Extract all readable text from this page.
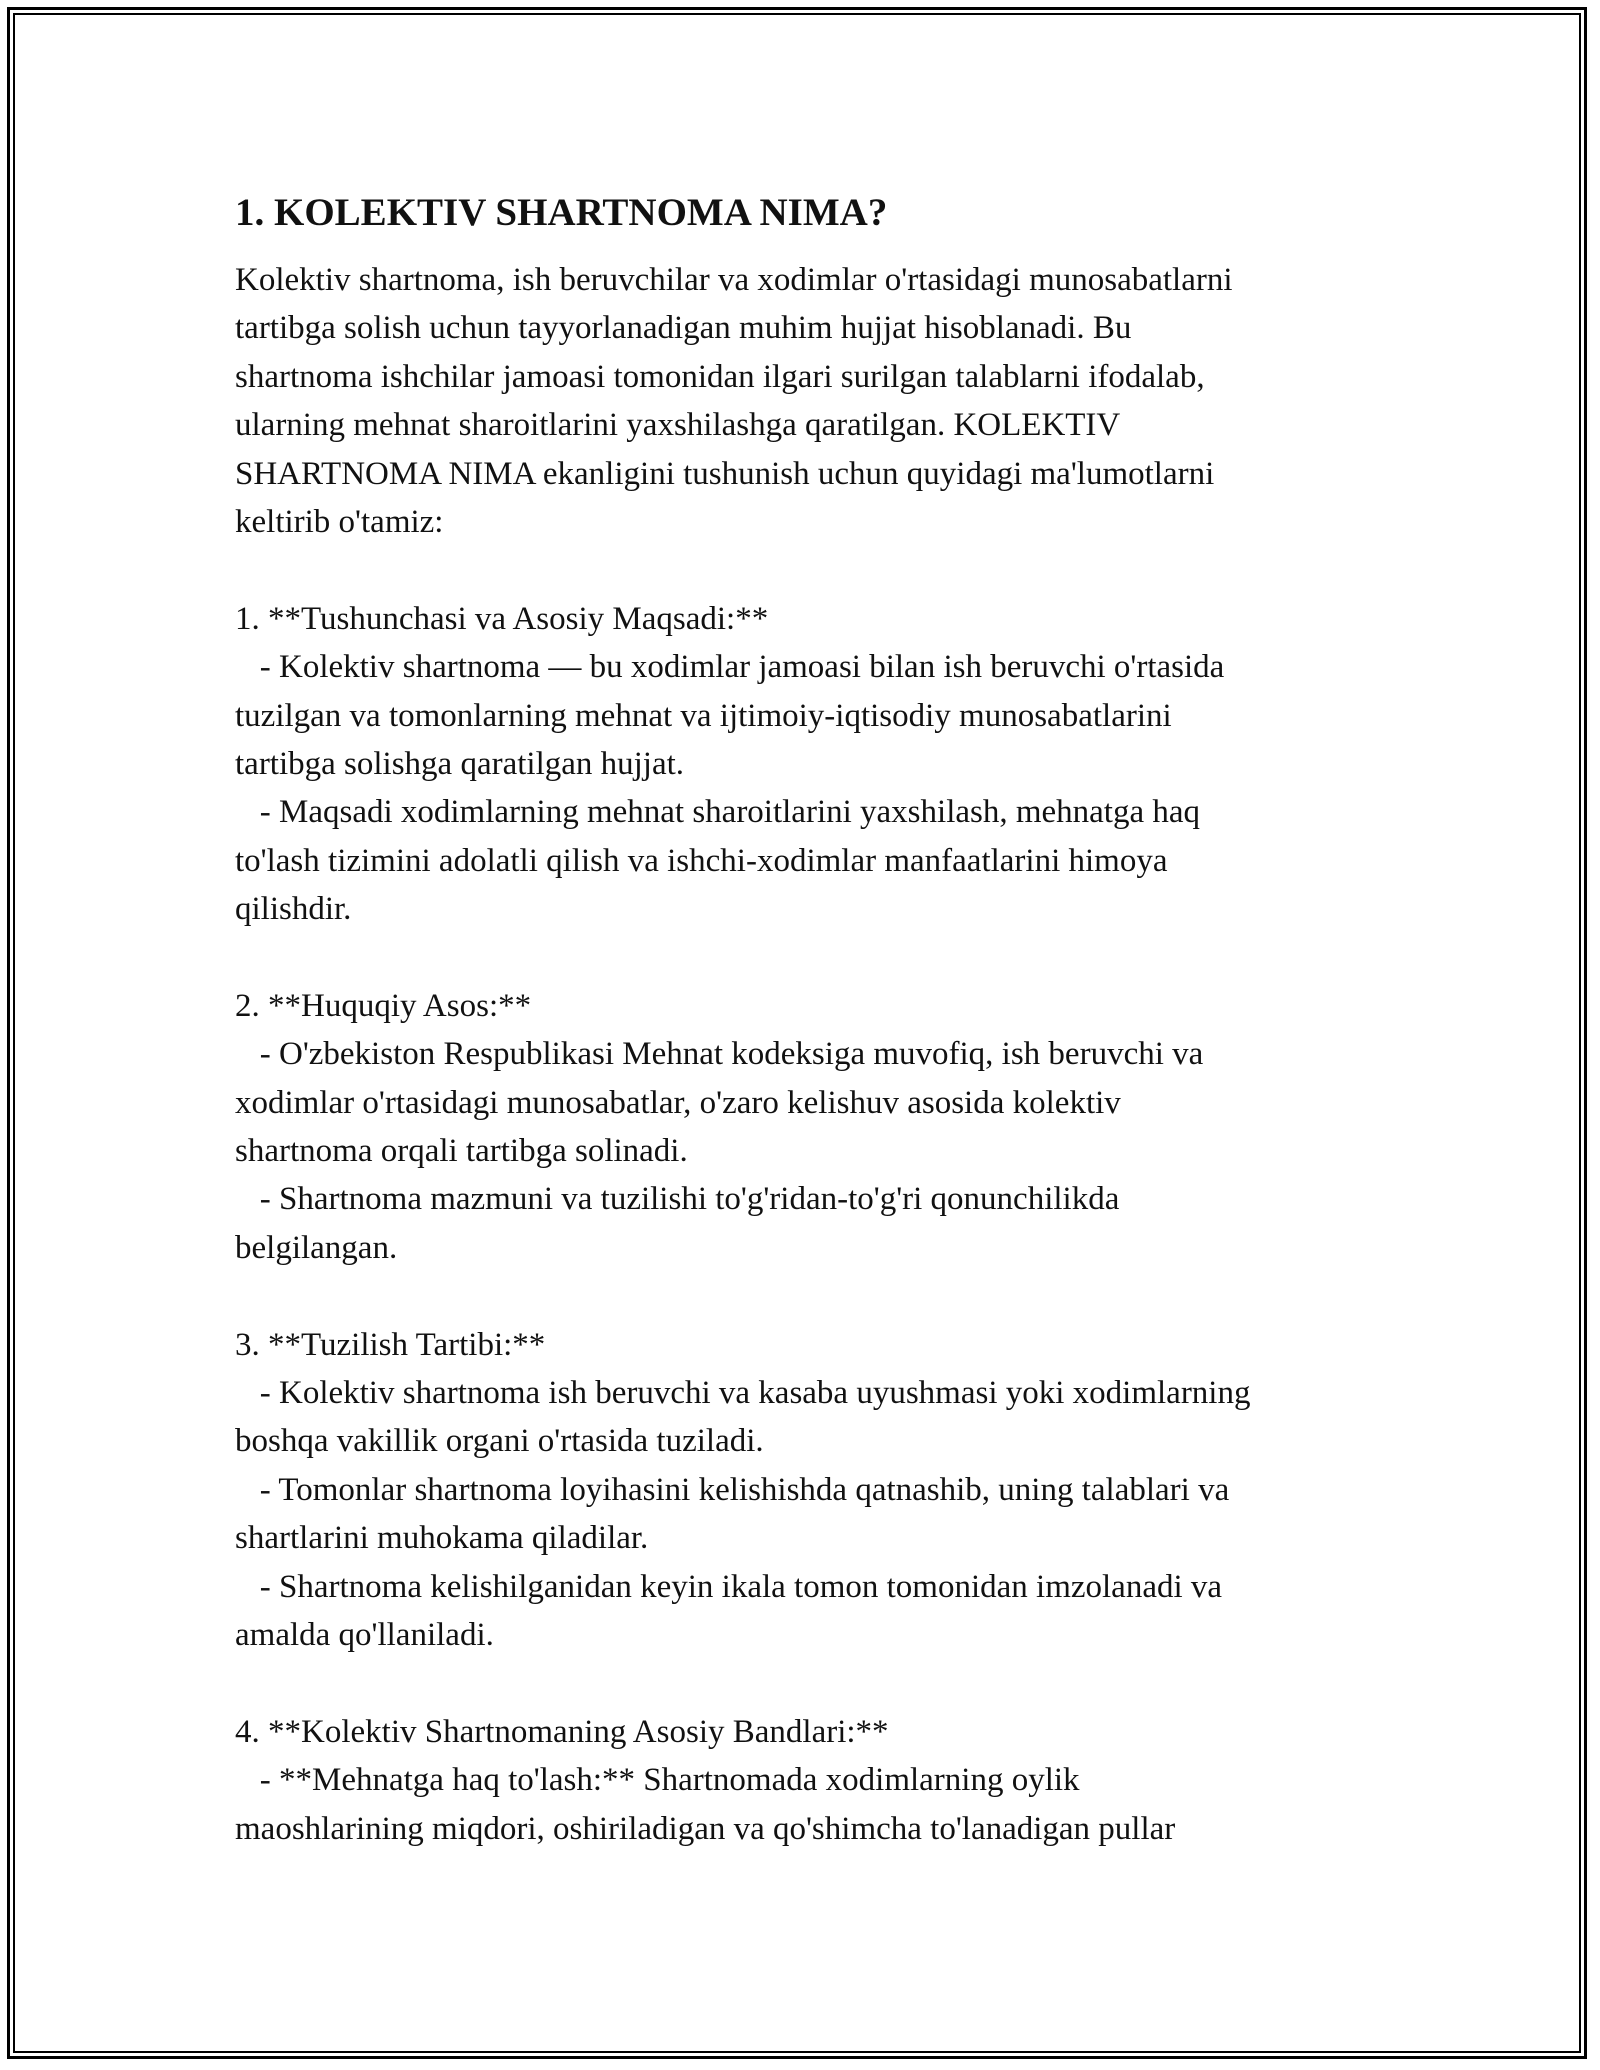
1. KOLEKTIV SHARTNOMA NIMA?
Kolektiv shartnoma, ish beruvchilar va xodimlar o'rtasidagi munosabatlarni
tartibga solish uchun tayyorlanadigan muhim hujjat hisoblanadi. Bu
shartnoma ishchilar jamoasi tomonidan ilgari surilgan talablarni ifodalab,
ularning mehnat sharoitlarini yaxshilashga qaratilgan. KOLEKTIV
SHARTNOMA NIMA ekanligini tushunish uchun quyidagi ma'lumotlarni
keltirib o'tamiz:
1. **Tushunchasi va Asosiy Maqsadi:**
- Kolektiv shartnoma — bu xodimlar jamoasi bilan ish beruvchi o'rtasida
tuzilgan va tomonlarning mehnat va ijtimoiy-iqtisodiy munosabatlarini
tartibga solishga qaratilgan hujjat.
- Maqsadi xodimlarning mehnat sharoitlarini yaxshilash, mehnatga haq
to'lash tizimini adolatli qilish va ishchi-xodimlar manfaatlarini himoya
qilishdir.
2. **Huquqiy Asos:**
- O'zbekiston Respublikasi Mehnat kodeksiga muvofiq, ish beruvchi va
xodimlar o'rtasidagi munosabatlar, o'zaro kelishuv asosida kolektiv
shartnoma orqali tartibga solinadi.
- Shartnoma mazmuni va tuzilishi to'g'ridan-to'g'ri qonunchilikda
belgilangan.
3. **Tuzilish Tartibi:**
- Kolektiv shartnoma ish beruvchi va kasaba uyushmasi yoki xodimlarning
boshqa vakillik organi o'rtasida tuziladi.
- Tomonlar shartnoma loyihasini kelishishda qatnashib, uning talablari va
shartlarini muhokama qiladilar.
- Shartnoma kelishilganidan keyin ikala tomon tomonidan imzolanadi va
amalda qo'llaniladi.
4. **Kolektiv Shartnomaning Asosiy Bandlari:**
- **Mehnatga haq to'lash:** Shartnomada xodimlarning oylik
maoshlarining miqdori, oshiriladigan va qo'shimcha to'lanadigan pullar
